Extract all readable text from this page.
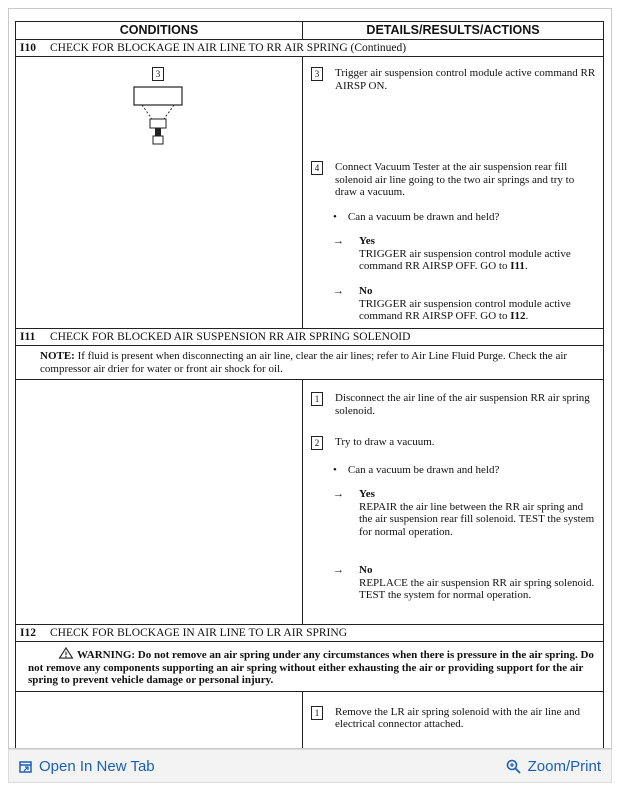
CONDITIONS	DETAILS/RESULTS/ACTIONS
I10 CHECK FOR BLOCKAGE IN AIR LINE TO RR AIR SPRING (Continued)
3	3	Trigger air suspension control module active command RR AIRSP ON.
4	Connect Vacuum Tester at the air suspension rear fill solenoid air line going to the two air springs and try to draw a vacuum.
•    Can a vacuum be drawn and held?
→ Yes
TRIGGER air suspension control module active command RR AIRSP OFF. GO to I11.
→ No
TRIGGER air suspension control module active command RR AIRSP OFF. GO to I12.
I11 CHECK FOR BLOCKED AIR SUSPENSION RR AIR SPRING SOLENOID
NOTE: If fluid is present when disconnecting an air line, clear the air lines; refer to Air Line Fluid Purge. Check the air compressor air drier for water or front air shock for oil.
1	Disconnect the air line of the air suspension RR air spring solenoid.
2	Try to draw a vacuum.
•    Can a vacuum be drawn and held?
→ Yes
REPAIR the air line between the RR air spring and the air suspension rear fill solenoid. TEST the system for normal operation.
→ No
REPLACE the air suspension RR air spring solenoid.
TEST the system for normal operation.
I12 CHECK FOR BLOCKAGE IN AIR LINE TO LR AIR SPRING
WARNING: Do not remove an air spring under any circumstances when there is pressure in the air spring. Do not remove any components supporting an air spring without either exhausting the air or providing support for the air spring to prevent vehicle damage or personal injury.
1	Remove the LR air spring solenoid with the air line and electrical connector attached.
Open In New Tab	Zoom/Print
